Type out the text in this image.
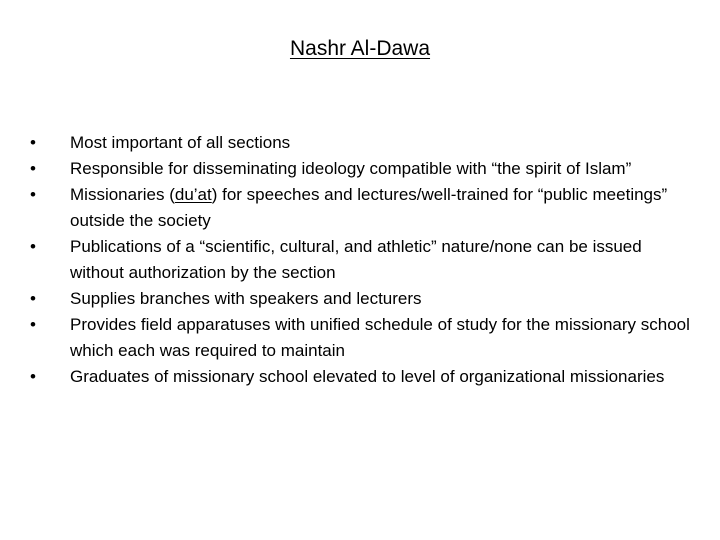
Nashr Al-Dawa
•	Most important of all sections
•	Responsible for disseminating ideology compatible with “the spirit of Islam”
•	Missionaries (du’at) for speeches and lectures/well-trained for “public meetings” outside the society
•	Publications of a “scientific, cultural, and athletic” nature/none can be issued without authorization by the section
•	Supplies branches with speakers and lecturers
•	Provides field apparatuses with unified schedule of study for the missionary school which each was required to maintain
•	Graduates of missionary school elevated to level of organizational missionaries
